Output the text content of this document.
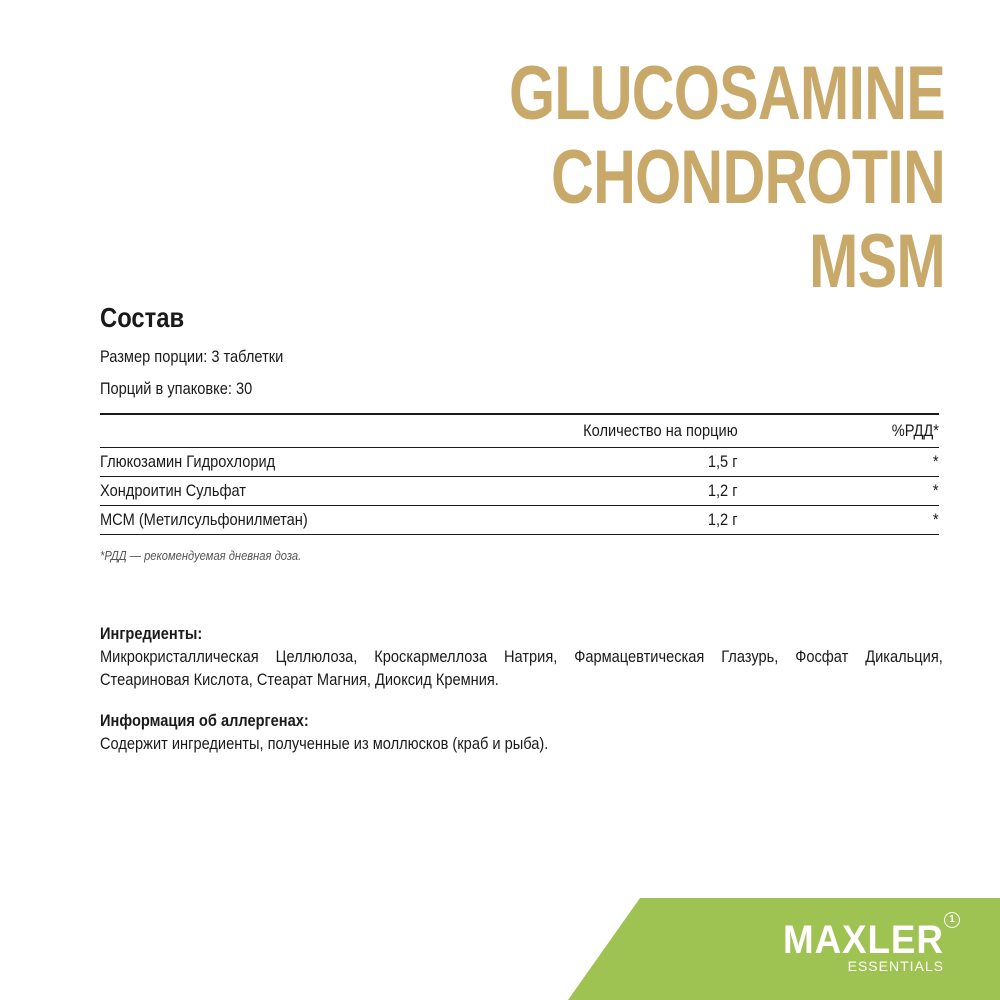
GLUCOSAMINE
CHONDROTIN
MSM
Состав
Размер порции: 3 таблетки
Порций в упаковке: 30
	Количество на порцию	%РДД*
Глюкозамин Гидрохлорид	1,5 г	*
Хондроитин Сульфат	1,2 г	*
МСМ (Метилсульфонилметан)	1,2 г	*
*РДД — рекомендуемая дневная доза.
Ингредиенты:
Микрокристаллическая Целлюлоза, Кроскармеллоза Натрия, Фармацевтическая Глазурь, Фосфат Дикальция, Стеариновая Кислота, Стеарат Магния, Диоксид Кремния.
Информация об аллергенах:
Содержит ингредиенты, полученные из моллюсков (краб и рыба).
MAXLER 1
ESSENTIALS
